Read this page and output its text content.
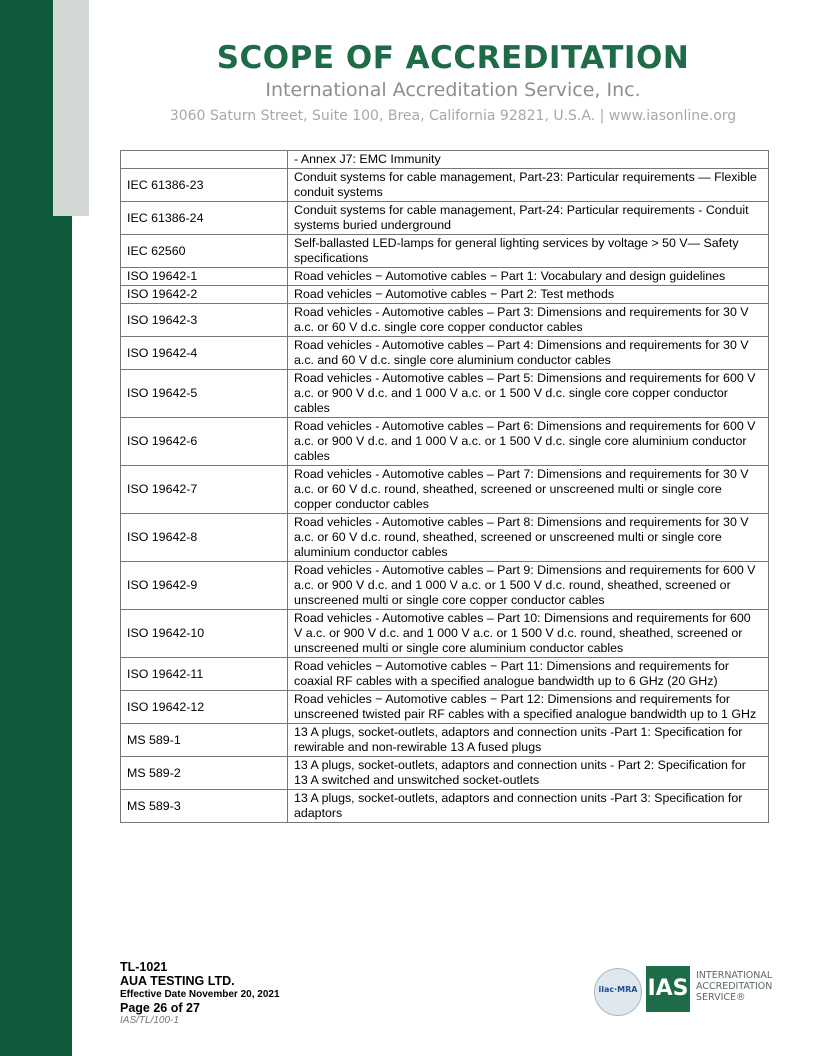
SCOPE OF ACCREDITATION
International Accreditation Service, Inc.
3060 Saturn Street, Suite 100, Brea, California 92821, U.S.A. | www.iasonline.org
	- Annex J7: EMC Immunity
IEC 61386-23	Conduit systems for cable management, Part-23: Particular requirements — Flexible conduit systems
IEC 61386-24	Conduit systems for cable management, Part-24: Particular requirements - Conduit systems buried underground
IEC 62560	Self-ballasted LED-lamps for general lighting services by voltage > 50 V— Safety specifications
ISO 19642-1	Road vehicles − Automotive cables − Part 1: Vocabulary and design guidelines
ISO 19642-2	Road vehicles − Automotive cables − Part 2: Test methods
ISO 19642-3	Road vehicles - Automotive cables – Part 3: Dimensions and requirements for 30 V a.c. or 60 V d.c. single core copper conductor cables
ISO 19642-4	Road vehicles - Automotive cables – Part 4: Dimensions and requirements for 30 V a.c. and 60 V d.c. single core aluminium conductor cables
ISO 19642-5	Road vehicles - Automotive cables – Part 5: Dimensions and requirements for 600 V a.c. or 900 V d.c. and 1 000 V a.c. or 1 500 V d.c. single core copper conductor cables
ISO 19642-6	Road vehicles - Automotive cables – Part 6: Dimensions and requirements for 600 V a.c. or 900 V d.c. and 1 000 V a.c. or 1 500 V d.c. single core aluminium conductor cables
ISO 19642-7	Road vehicles - Automotive cables – Part 7: Dimensions and requirements for 30 V a.c. or 60 V d.c. round, sheathed, screened or unscreened multi or single core copper conductor cables
ISO 19642-8	Road vehicles - Automotive cables – Part 8: Dimensions and requirements for 30 V a.c. or 60 V d.c. round, sheathed, screened or unscreened multi or single core aluminium conductor cables
ISO 19642-9	Road vehicles - Automotive cables – Part 9: Dimensions and requirements for 600 V a.c. or 900 V d.c. and 1 000 V a.c. or 1 500 V d.c. round, sheathed, screened or unscreened multi or single core copper conductor cables
ISO 19642-10	Road vehicles - Automotive cables – Part 10: Dimensions and requirements for 600 V a.c. or 900 V d.c. and 1 000 V a.c. or 1 500 V d.c. round, sheathed, screened or unscreened multi or single core aluminium conductor cables
ISO 19642-11	Road vehicles − Automotive cables − Part 11: Dimensions and requirements for coaxial RF cables with a specified analogue bandwidth up to 6 GHz (20 GHz)
ISO 19642-12	Road vehicles − Automotive cables − Part 12: Dimensions and requirements for unscreened twisted pair RF cables with a specified analogue bandwidth up to 1 GHz
MS 589-1	13 A plugs, socket-outlets, adaptors and connection units -Part 1: Specification for rewirable and non-rewirable 13 A fused plugs
MS 589-2	13 A plugs, socket-outlets, adaptors and connection units - Part 2: Specification for 13 A switched and unswitched socket-outlets
MS 589-3	13 A plugs, socket-outlets, adaptors and connection units -Part 3: Specification for adaptors
TL-1021
AUA TESTING LTD.
Effective Date November 20, 2021
Page 26 of 27
IAS/TL/100-1
ilac·MRA IAS
INTERNATIONAL
ACCREDITATION
SERVICE®
